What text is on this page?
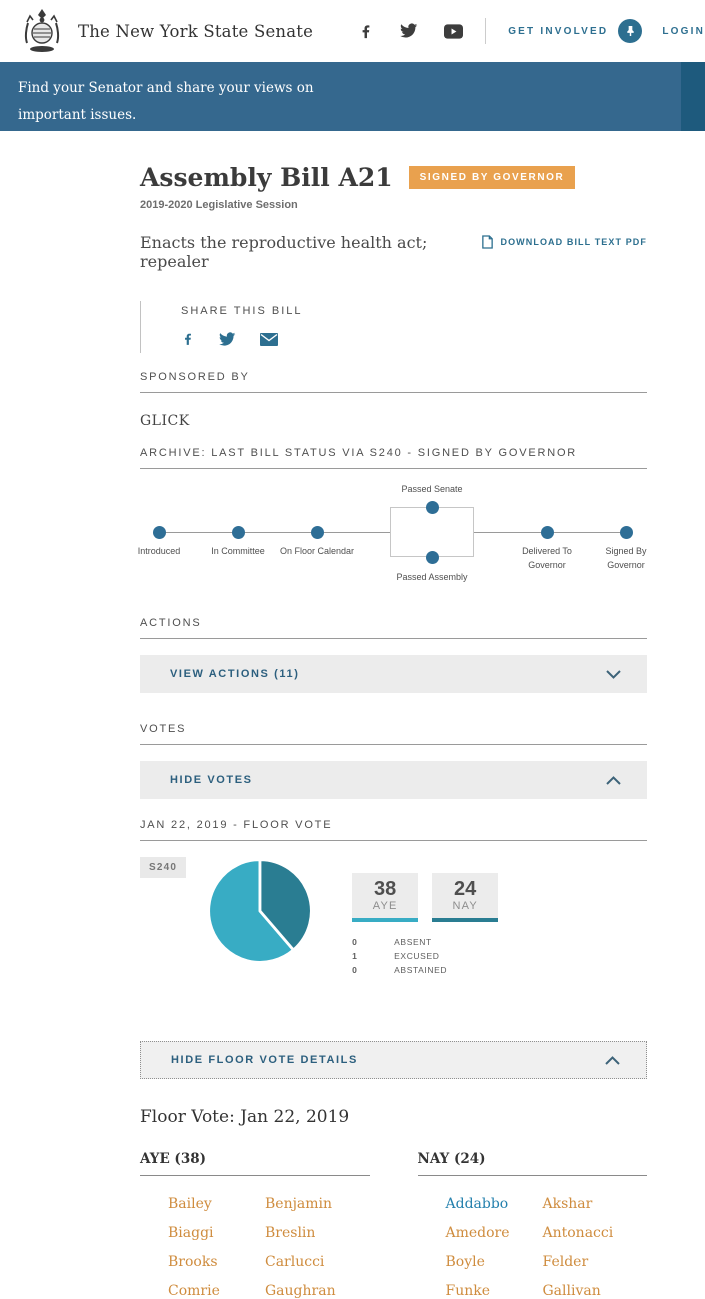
The New York State Senate	GET INVOLVED	LOGIN

Find your Senator and share your views on

important issues.

Assembly Bill A21	SIGNED BY GOVERNOR
2019-2020 Legislative Session
Enacts the reproductive health act; repealer
DOWNLOAD BILL TEXT PDF
SHARE THIS BILL
SPONSORED BY
GLICK
ARCHIVE: LAST BILL STATUS VIA S240 - SIGNED BY GOVERNOR
Passed Senate
Introduced	In Committee	On Floor Calendar
Passed Assembly
Delivered To Governor
Signed By Governor
ACTIONS
VIEW ACTIONS (11)
VOTES
HIDE VOTES
JAN 22, 2019 - FLOOR VOTE
S240
38
AYE
24
NAY
0	ABSENT
1	EXCUSED
0	ABSTAINED
HIDE FLOOR VOTE DETAILS
Floor Vote: Jan 22, 2019
AYE (38)
Bailey	Benjamin
Biaggi	Breslin
Brooks	Carlucci
Comrie	Gaughran
NAY (24)
Addabbo	Akshar
Amedore	Antonacci
Boyle	Felder
Funke	Gallivan
